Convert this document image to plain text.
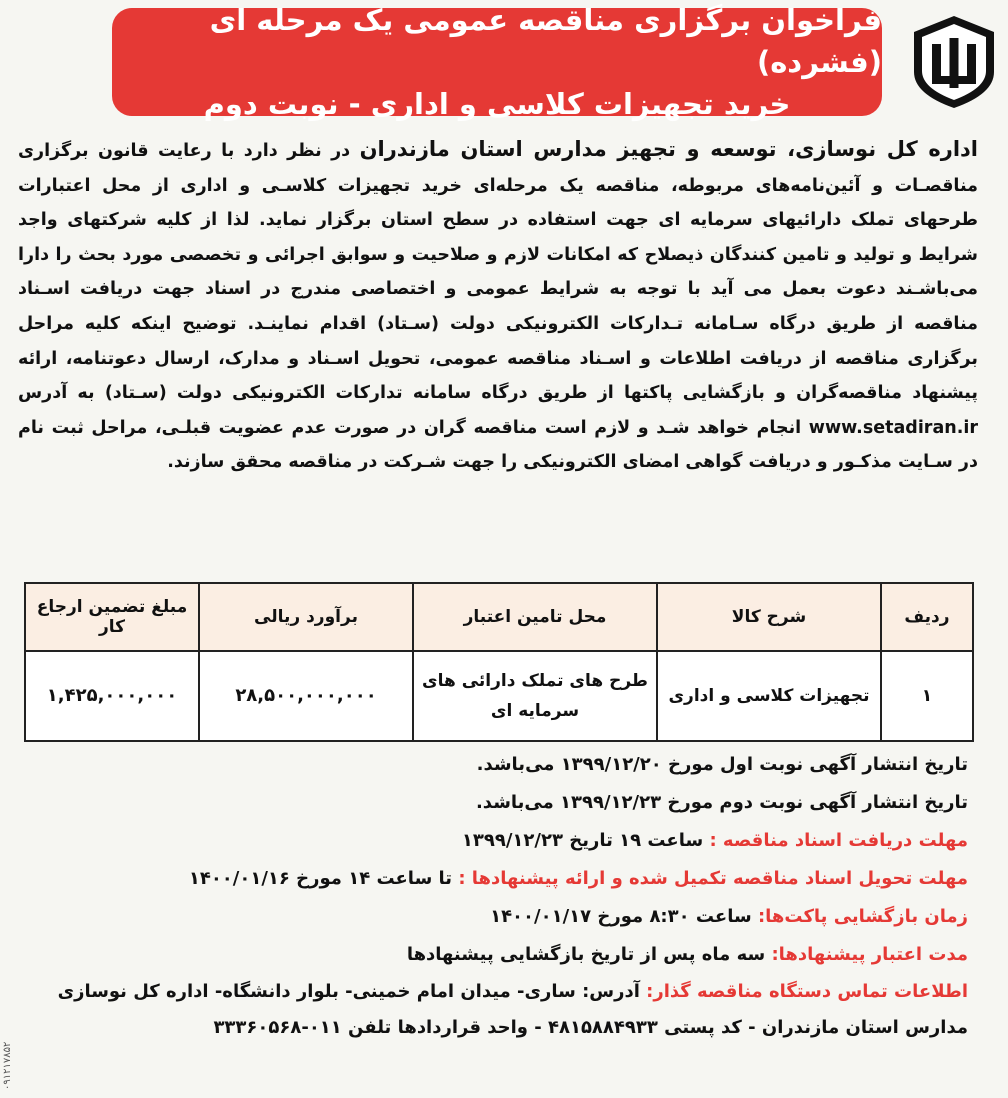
فراخوان برگزاری مناقصه عمومی یک مرحله ای (فشرده)
خرید تجهیزات کلاسی و اداری - نوبت دوم
اداره کل نوسازی، توسعه و تجهیز مدارس استان مازندران در نظر دارد با رعایت قانون برگزاری مناقصـات و آئین‌نامه‌های مربوطه، مناقصه یک مرحله‌ای خرید تجهیزات کلاسـی و اداری از محل اعتبارات طرحهای تملک دارائیهای سرمایه ای جهت استفاده در سطح استان برگزار نماید. لذا از کلیه شرکتهای واجد شرایط و تولید و تامین کنندگان ذیصلاح که امکانات لازم و صلاحیت و سوابق اجرائی و تخصصی مورد بحث را دارا می‌باشـند دعوت بعمل می آید با توجه به شرایط عمومی و اختصاصی مندرج در اسناد جهت دریافت اسـناد مناقصه از طریق درگاه سـامانه تـدارکات الکترونیکی دولت (سـتاد) اقدام نماینـد. توضیح اینکه کلیه مراحل برگزاری مناقصه از دریافت اطلاعات و اسـناد مناقصه عمومی، تحویل اسـناد و مدارک، ارسال دعوتنامه، ارائه پیشنهاد مناقصه‌گران و بازگشایی پاکتها از طریق درگاه سامانه تدارکات الکترونیکی دولت (سـتاد) به آدرس www.setadiran.ir انجام خواهد شـد و لازم است مناقصه گران در صورت عدم عضویت قبلـی، مراحل ثبت نام در سـایت مذکـور و دریافت گواهی امضای الکترونیکی را جهت شـرکت در مناقصه محقق سازند.
ردیف	شرح کالا	محل تامین اعتبار	برآورد ریالی	مبلغ تضمین ارجاع کار
۱	تجهیزات کلاسی و اداری	طرح های تملک دارائی های سرمایه ای	۲۸,۵۰۰,۰۰۰,۰۰۰	۱,۴۲۵,۰۰۰,۰۰۰
تاریخ انتشار آگهی نوبت اول مورخ ۱۳۹۹/۱۲/۲۰ می‌باشد.
تاریخ انتشار آگهی نوبت دوم مورخ ۱۳۹۹/۱۲/۲۳ می‌باشد.
مهلت دریافت اسناد مناقصه : ساعت ۱۹ تاریخ ۱۳۹۹/۱۲/۲۳
مهلت تحویل اسناد مناقصه تکمیل شده و ارائه پیشنهادها : تا ساعت ۱۴ مورخ ۱۴۰۰/۰۱/۱۶
زمان بازگشایی پاکت‌ها: ساعت ۸:۳۰ مورخ ۱۴۰۰/۰۱/۱۷
مدت اعتبار پیشنهادها: سه ماه پس از تاریخ بازگشایی پیشنهادها
اطلاعات تماس دستگاه مناقصه گذار: آدرس: ساری- میدان امام خمینی- بلوار دانشگاه- اداره کل نوسازی
مدارس استان مازندران - کد پستی ۴۸۱۵۸۸۴۹۳۳ - واحد قراردادها تلفن ۰۱۱-۳۳۳۶۰۵۶۸
۰۹۱۲۱۷۸۵۲
